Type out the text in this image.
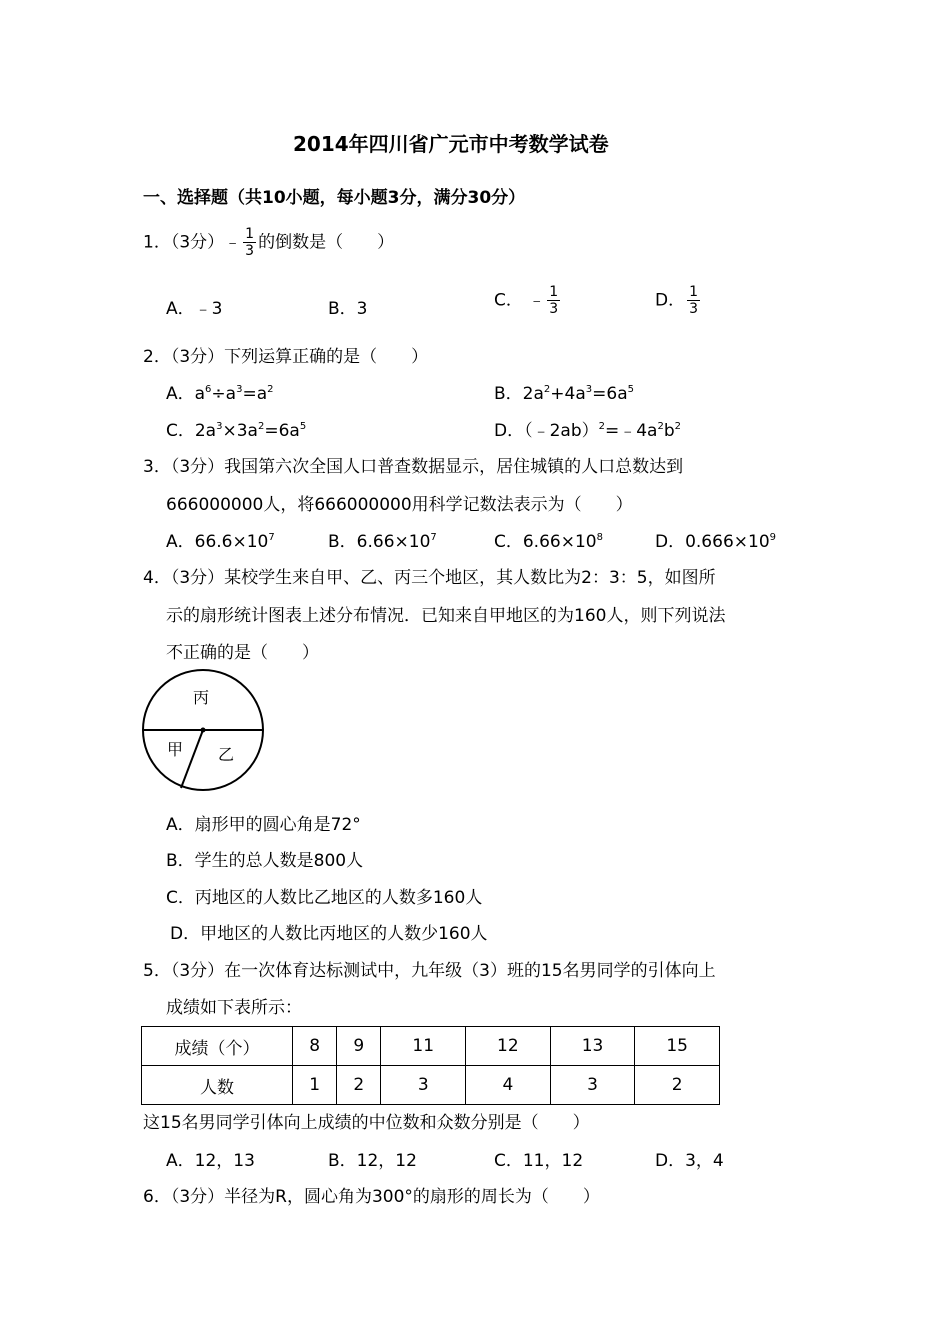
2014年四川省广元市中考数学试卷
一、选择题（共10小题，每小题3分，满分30分）
1．（3分）﹣ $\frac{1}{3}$ 的倒数是（　　）
A．﹣3	B．3	C． ﹣ $\frac{1}{3}$	D． $\frac{1}{3}$
2．（3分）下列运算正确的是（　　）
A．$a^6\div a^3=a^2$	B．$2a^2+4a^3=6a^5$
C．$2a^3\times 3a^2=6a^5$	D．$(﹣2ab)^2=﹣4a^2b^2$
3．（3分）我国第六次全国人口普查数据显示，居住城镇的人口总数达到
666000000人，将666000000用科学记数法表示为（　　）
A．$66.6\times 10^7$	B．$6.66\times 10^7$	C．$6.66\times 10^8$	D．$0.666\times 10^9$
4．（3分）某校学生来自甲、乙、丙三个地区，其人数比为2：3：5，如图所
示的扇形统计图表上述分布情况．已知来自甲地区的为160人，则下列说法
不正确的是（　　）
丙
甲 乙
A．扇形甲的圆心角是72°
B．学生的总人数是800人
C．丙地区的人数比乙地区的人数多160人
D．甲地区的人数比丙地区的人数少160人
5．（3分）在一次体育达标测试中，九年级（3）班的15名男同学的引体向上
成绩如下表所示：
成绩（个）	8	9	11	12	13	15
人数	1	2	3	4	3	2
这15名男同学引体向上成绩的中位数和众数分别是（　　）
A．12，13	B．12，12	C．11，12	D．3，4
6．（3分）半径为R，圆心角为300°的扇形的周长为（　　）
